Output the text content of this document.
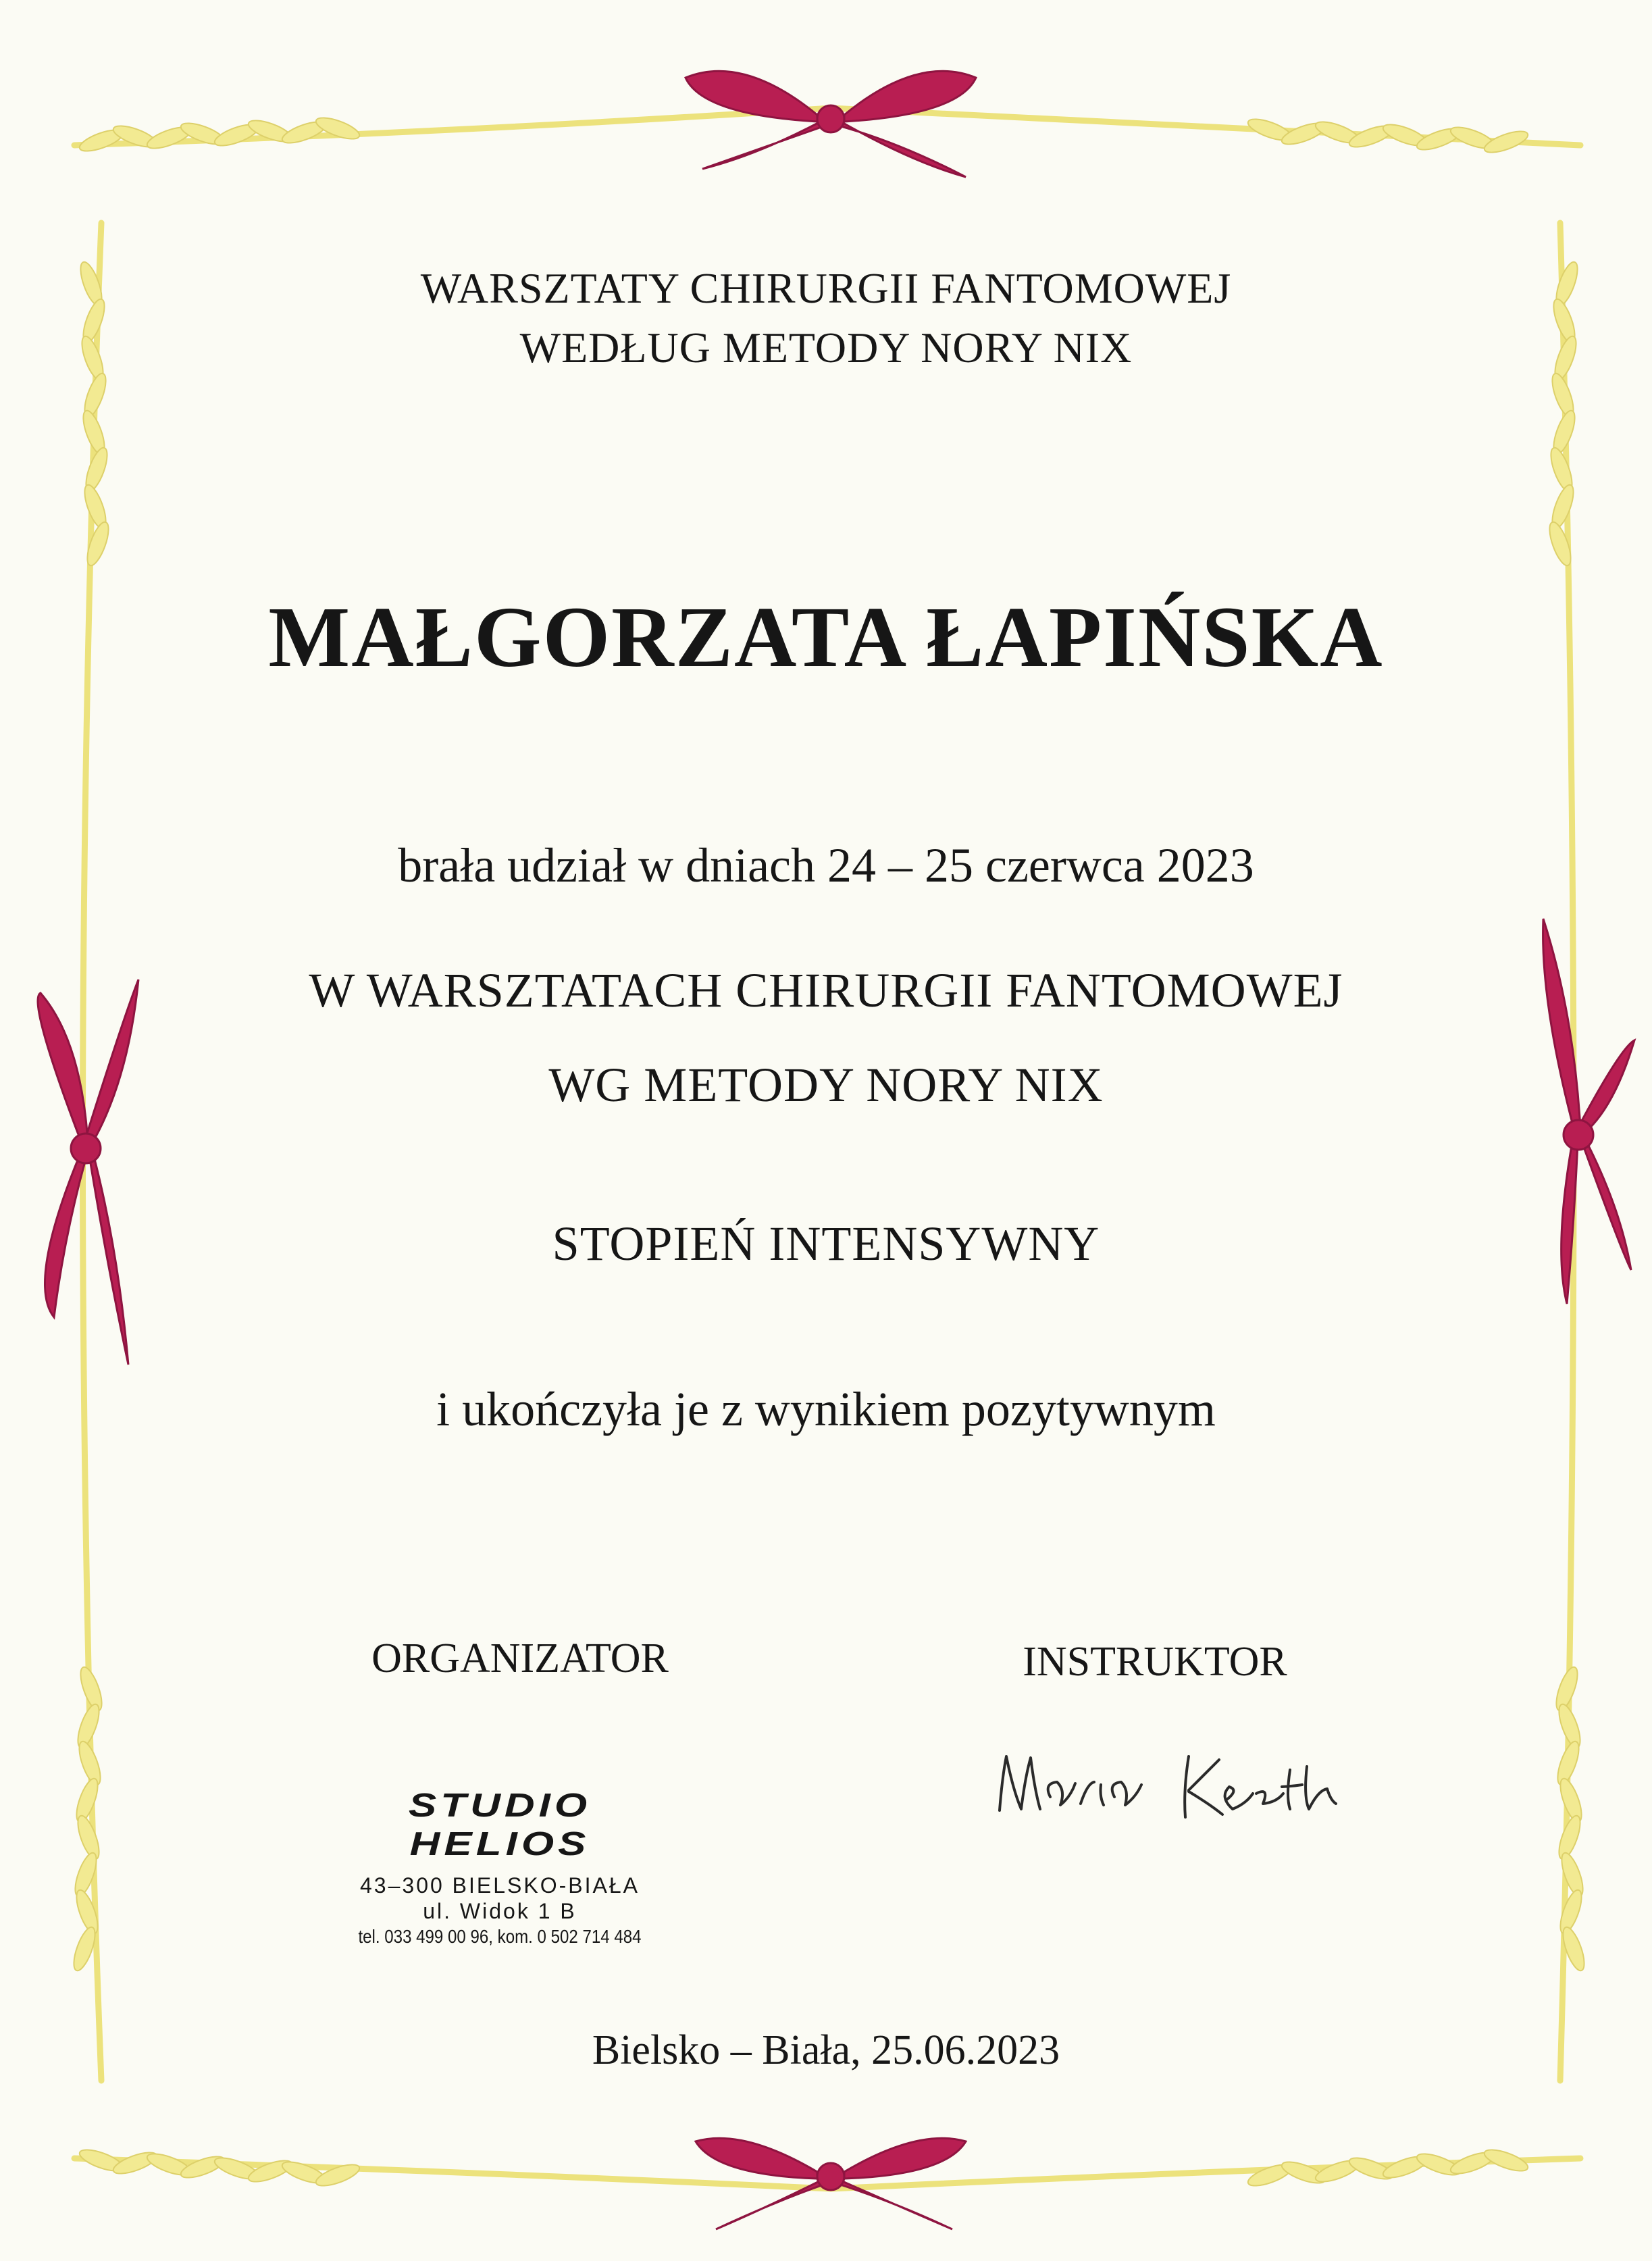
WARSZTATY CHIRURGII FANTOMOWEJ
WEDŁUG METODY NORY NIX
MAŁGORZATA ŁAPIŃSKA
brała udział w dniach 24 – 25 czerwca 2023
W WARSZTATACH CHIRURGII FANTOMOWEJ
WG METODY NORY NIX
STOPIEŃ INTENSYWNY
i ukończyła je z wynikiem pozytywnym
ORGANIZATOR	INSTRUKTOR
STUDIO HELIOS
43–300 BIELSKO-BIAŁA
ul. Widok 1 B
tel. 033 499 00 96, kom. 0 502 714 484
Bielsko – Biała, 25.06.2023
